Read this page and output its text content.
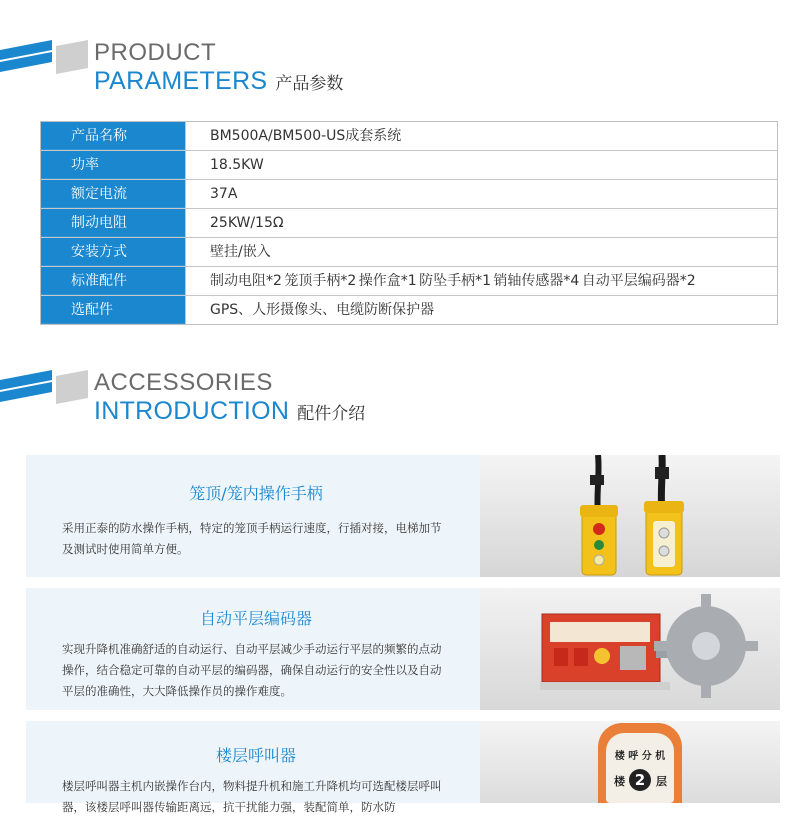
PRODUCT
PARAMETERS 产品参数
产品名称	BM500A/BM500-US成套系统
功率	18.5KW
额定电流	37A
制动电阻	25KW/15Ω
安装方式	壁挂/嵌入
标准配件	制动电阻*2 笼顶手柄*2 操作盒*1 防坠手柄*1 销轴传感器*4 自动平层编码器*2
选配件	GPS、人形摄像头、电缆防断保护器
ACCESSORIES
INTRODUCTION 配件介绍
笼顶/笼内操作手柄
采用正泰的防水操作手柄，特定的笼顶手柄运行速度，行插对接，电梯加节及测试时使用简单方便。
自动平层编码器
实现升降机准确舒适的自动运行、自动平层减少手动运行平层的频繁的点动操作，结合稳定可靠的自动平层的编码器，确保自动运行的安全性以及自动平层的准确性，大大降低操作员的操作难度。
楼层呼叫器
楼层呼叫器主机内嵌操作台内，物料提升机和施工升降机均可选配楼层呼叫器，该楼层呼叫器传输距离远，抗干扰能力强，装配简单，防水防
楼 呼 分 机
楼 2 层
